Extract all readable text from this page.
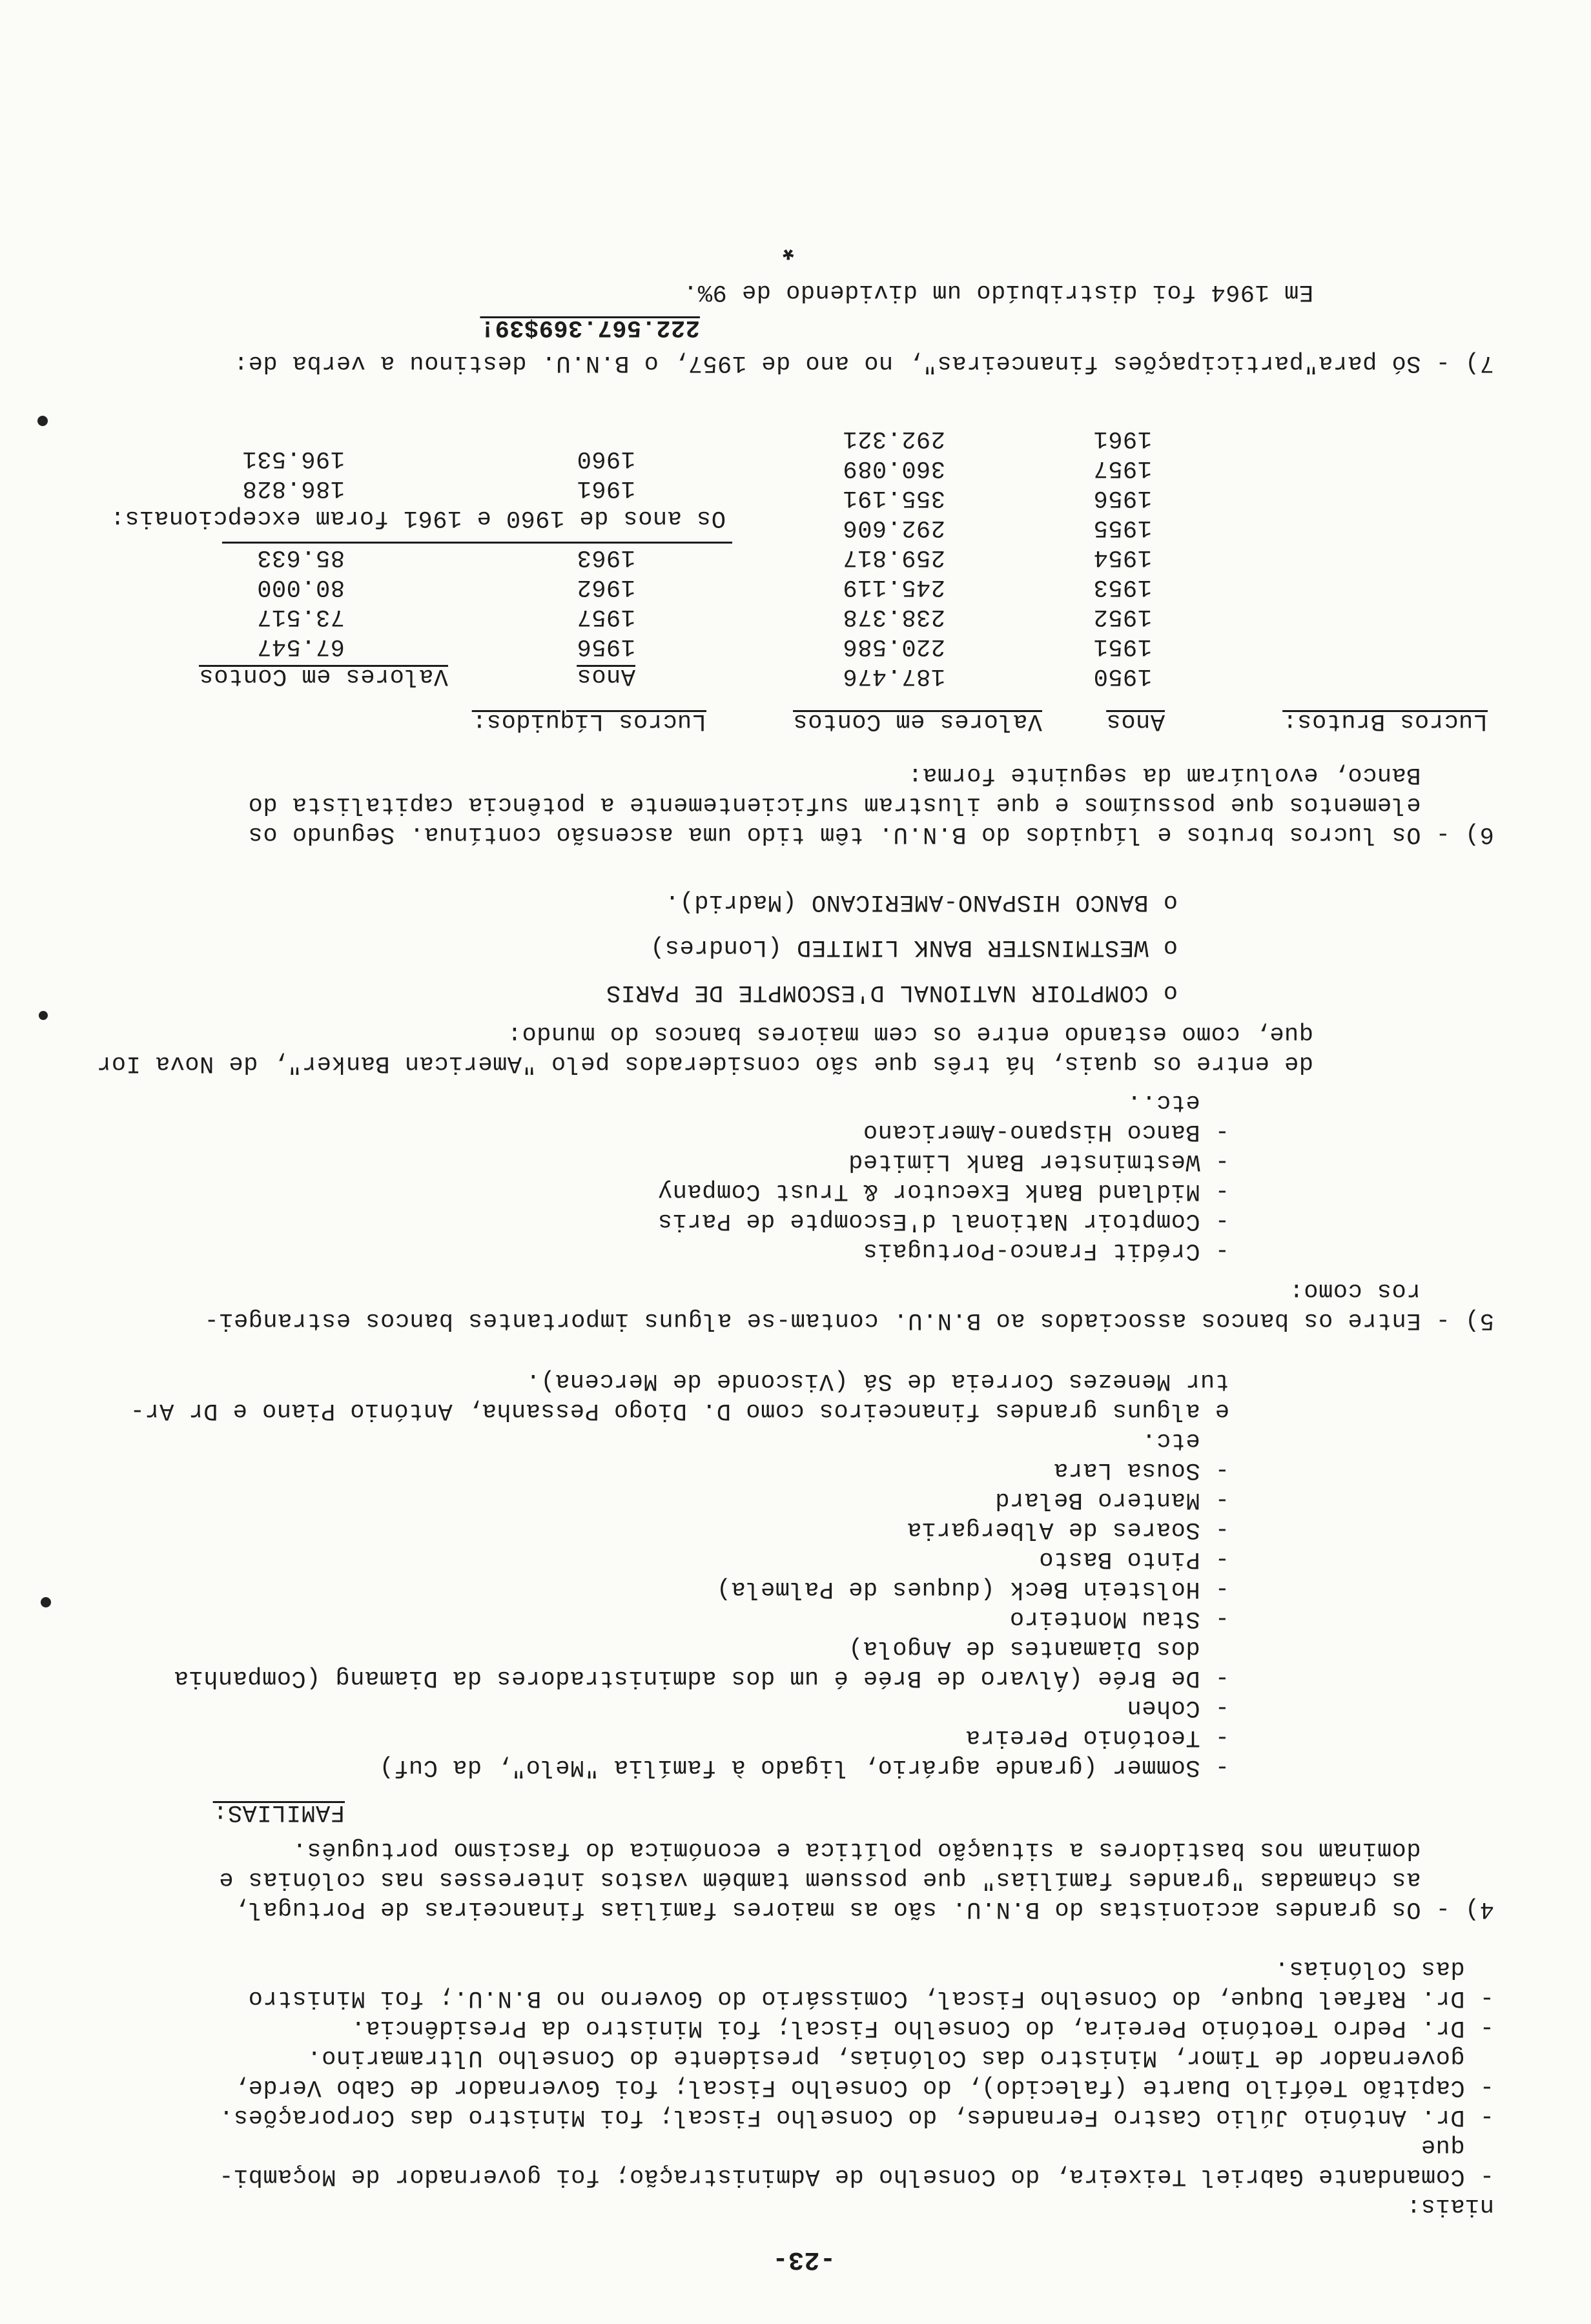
-23-
niais:
- Comandante Gabriel Teixeira, do Conselho de Administração; foi governador de Moçambi-
que
- Dr. António Júlio Castro Fernandes, do Conselho Fiscal; foi Ministro das Corporações.
- Capitão Teófilo Duarte (falecido), do Conselho Fiscal; foi Governador de Cabo Verde,
governador de Timor, Ministro das Colónias, presidente do Conselho Ultramarino.
- Dr. Pedro Teotónio Pereira, do Conselho Fiscal; foi Ministro da Presidência.
- Dr. Rafael Duque, do Conselho Fiscal, Comissário do Governo no B.N.U.; foi Ministro
das Colónias.
4) - Os grandes accionistas do B.N.U. são as maiores famílias financeiras de Portugal,
as chamadas "grandes famílias" que possuem também vastos interesses nas colónias e
dominam nos bastidores a situação política e económica do fascismo português.
FAMILIAS:
- Sommer (grande agrário, ligado à família "Melo", da Cuf)
- Teotónio Pereira
- Cohen
- De Brée (Álvaro de Brée é um dos administradores da Diamang (Companhia
dos Diamantes de Angola)
- Stau Monteiro
- Holstein Beck (duques de Palmela)
- Pinto Basto
- Soares de Albergaria
- Mantero Belard
- Sousa Lara
etc.
e alguns grandes financeiros como D. Diogo Pessanha, António Piano e Dr Ar-
tur Menezes Correia de Sá (Visconde de Mercena).
5) - Entre os bancos associados ao B.N.U. contam-se alguns importantes bancos estrangei-
ros como:
- Crédit Franco-Portugais
- Comptoir National d'Escompte de Paris
- Midland Bank Executor & Trust Company
- Westminster Bank Limited
- Banco Hispano-Americano
etc..
de entre os quais, há três que são considerados pelo "American Banker", de Nova Ior
que, como estando entre os cem maiores bancos do mundo:
o COMPTOIR NATIONAL D'ESCOMPTE DE PARIS
o WESTMINSTER BANK LIMITED (Londres)
o BANCO HISPANO-AMERICANO (Madrid).
6) - Os lucros brutos e líquidos do B.N.U. têm tido uma ascensão contínua. Segundo os
elementos que possuímos e que ilustram suficientemente a potência capitalista do
Banco, evoluíram da seguinte forma:
Lucros Brutos:
Anos
Valores em Contos
Lucros Líquidos:
1950
187.476
1951
220.586
1952
238.378
1953
245.119
1954
259.817
1955
292.606
1956
355.191
1957
360.089
1961
292.321
Anos
Valores em Contos
1956
67.547
1957
73.517
1962
80.000
1963
85.633
Os anos de 1960 e 1961 foram excepcionais:
1961
186.828
1960
196.531
7) - Só para"participações financeiras", no ano de 1957, o B.N.U. destinou a verba de:
222.567.369$39!
Em 1964 foi distribuído um dividendo de 9%.
*
